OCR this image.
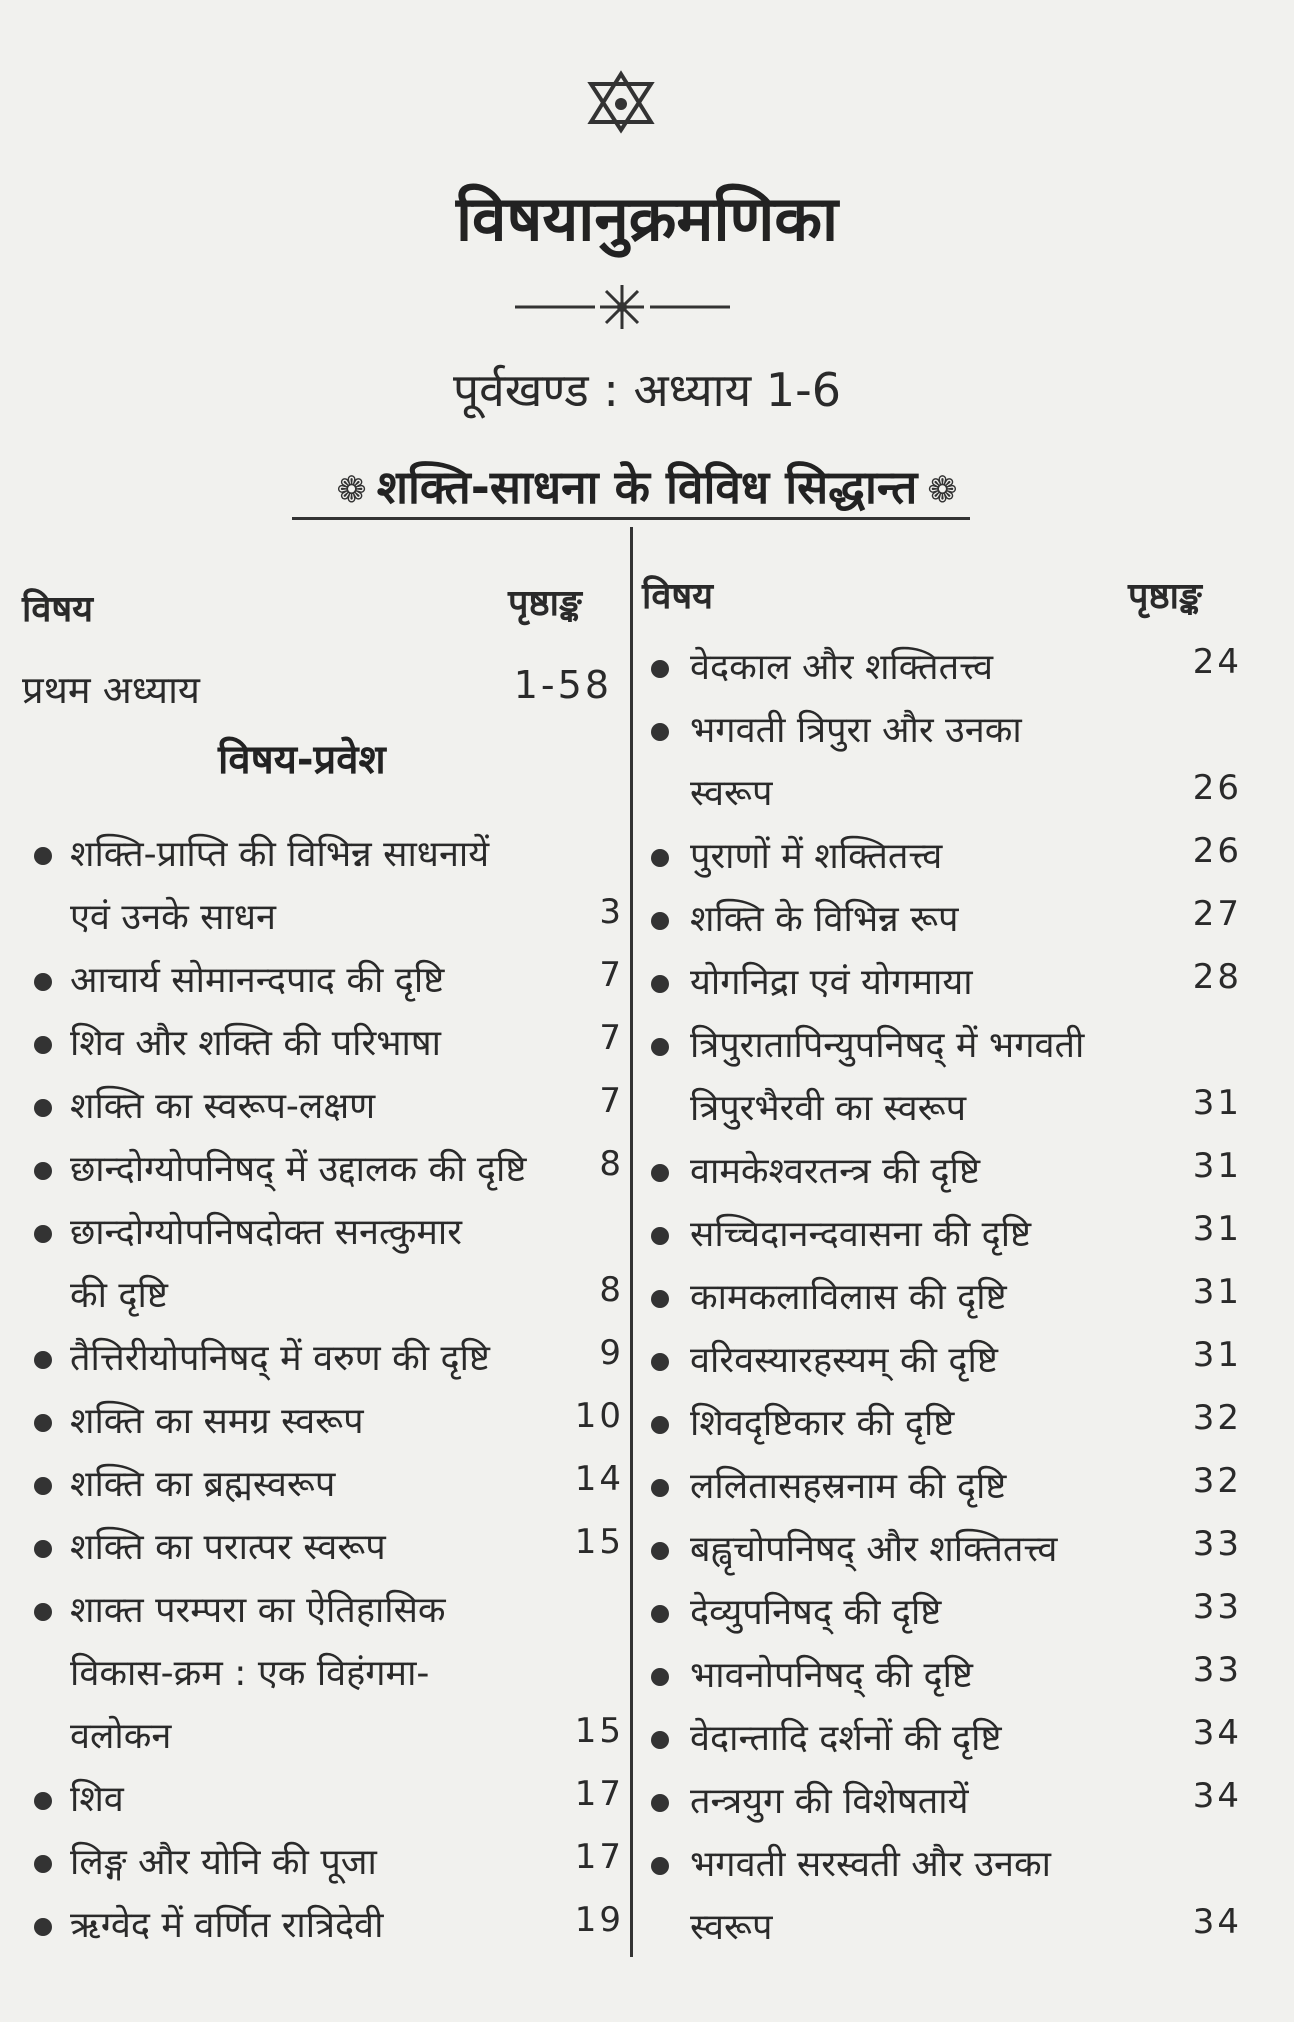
विषयानुक्रमणिका
पूर्वखण्ड : अध्याय 1-6
❁ शक्ति-साधना के विविध सिद्धान्त ❁
विषय	पृष्ठाङ्क विषय	पृष्ठाङ्क
प्रथम अध्याय	1-58
विषय-प्रवेश
शक्ति-प्राप्ति की विभिन्न साधनायें
एवं उनके साधन	3
आचार्य सोमानन्दपाद की दृष्टि	7
शिव और शक्ति की परिभाषा	7
शक्ति का स्वरूप-लक्षण	7
छान्दोग्योपनिषद् में उद्दालक की दृष्टि 8
छान्दोग्योपनिषदोक्त सनत्कुमार
की दृष्टि	8
तैत्तिरीयोपनिषद् में वरुण की दृष्टि	9
शक्ति का समग्र स्वरूप	10
शक्ति का ब्रह्मस्वरूप	14
शक्ति का परात्पर स्वरूप	15
शाक्त परम्परा का ऐतिहासिक
विकास-क्रम : एक विहंगमा-
वलोकन	15
शिव	17
लिङ्ग और योनि की पूजा	17
ऋग्वेद में वर्णित रात्रिदेवी	19
वेदकाल और शक्तितत्त्व	24
भगवती त्रिपुरा और उनका
स्वरूप	26
पुराणों में शक्तितत्त्व	26
शक्ति के विभिन्न रूप	27
योगनिद्रा एवं योगमाया	28
त्रिपुरातापिन्युपनिषद् में भगवती
त्रिपुरभैरवी का स्वरूप	31
वामकेश्वरतन्त्र की दृष्टि	31
सच्चिदानन्दवासना की दृष्टि	31
कामकलाविलास की दृष्टि	31
वरिवस्यारहस्यम् की दृष्टि	31
शिवदृष्टिकार की दृष्टि	32
ललितासहस्रनाम की दृष्टि	32
बह्वृचोपनिषद् और शक्तितत्त्व	33
देव्युपनिषद् की दृष्टि	33
भावनोपनिषद् की दृष्टि	33
वेदान्तादि दर्शनों की दृष्टि	34
तन्त्रयुग की विशेषतायें	34
भगवती सरस्वती और उनका
स्वरूप	34
